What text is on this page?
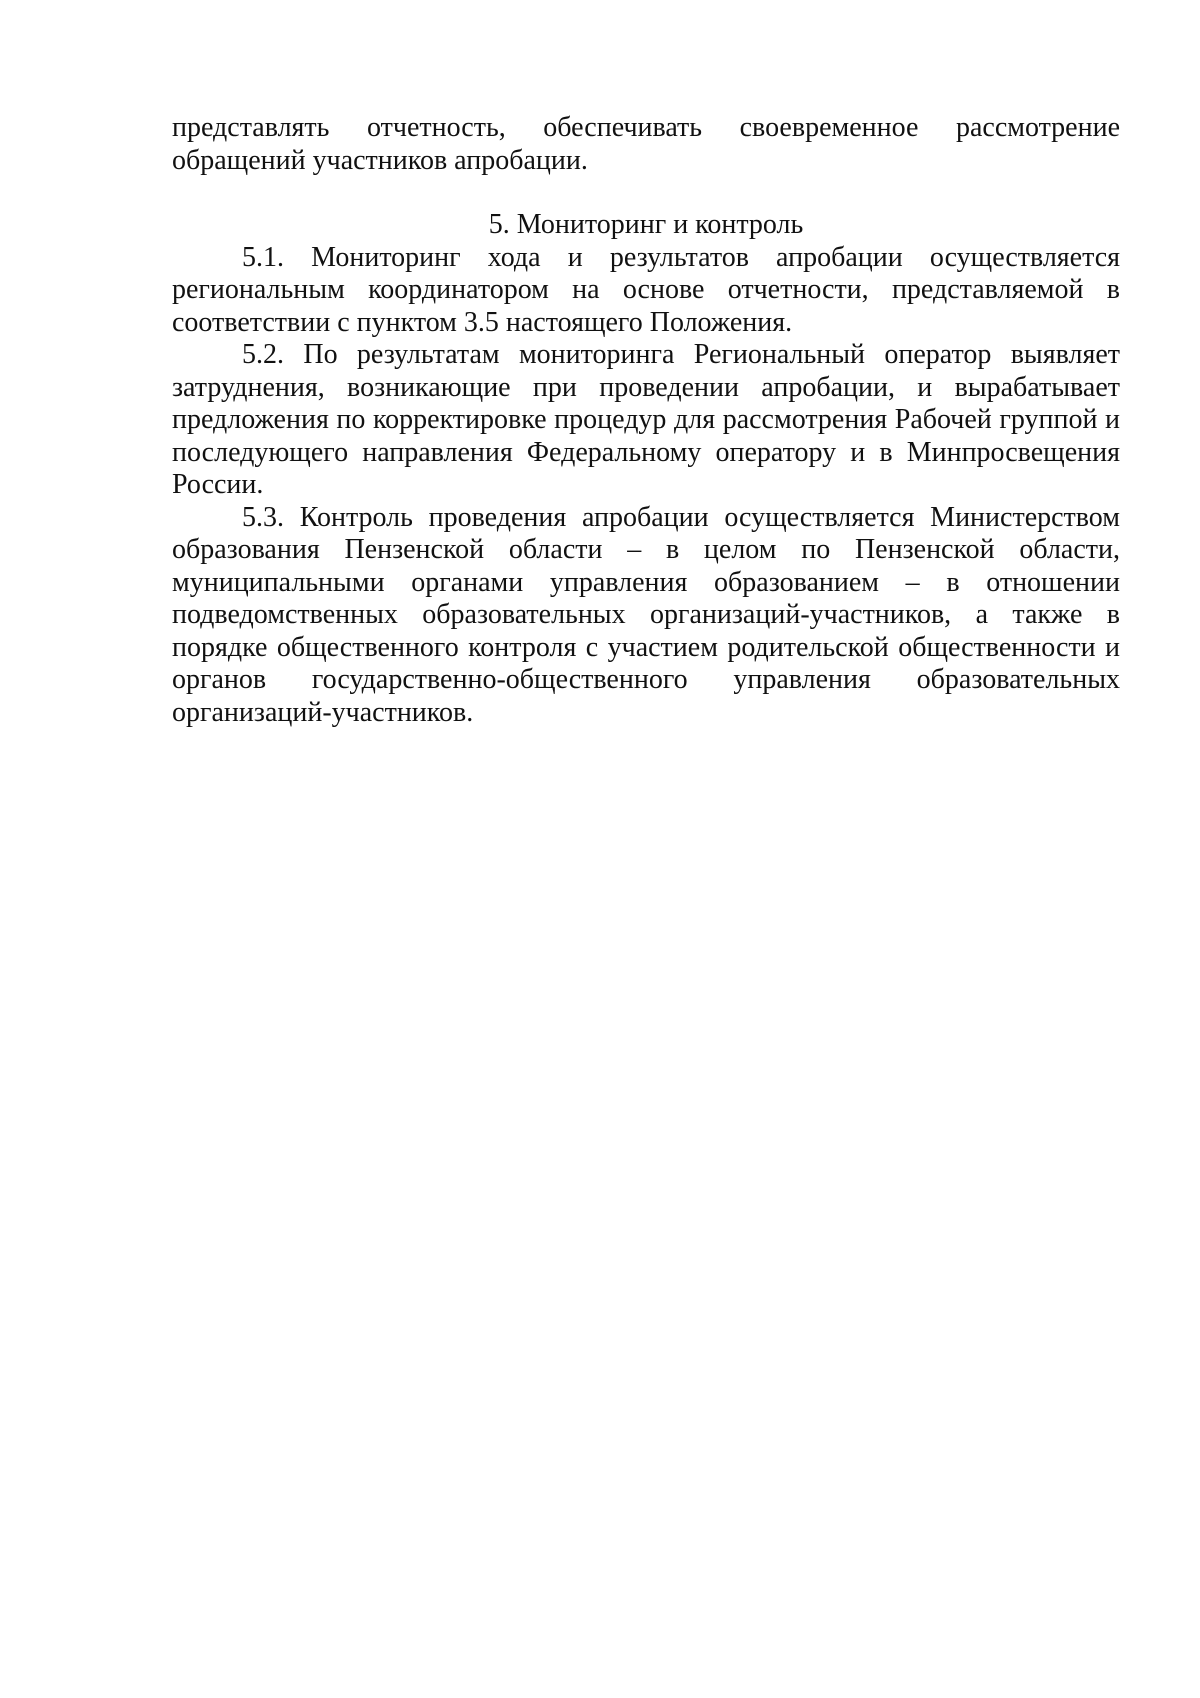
представлять отчетность, обеспечивать своевременное рассмотрение обращений участников апробации.

5. Мониторинг и контроль

5.1. Мониторинг хода и результатов апробации осуществляется региональным координатором на основе отчетности, представляемой в соответствии с пунктом 3.5 настоящего Положения.

5.2. По результатам мониторинга Региональный оператор выявляет затруднения, возникающие при проведении апробации, и вырабатывает предложения по корректировке процедур для рассмотрения Рабочей группой и последующего направления Федеральному оператору и в Минпросвещения России.

5.3. Контроль проведения апробации осуществляется Министерством образования Пензенской области – в целом по Пензенской области, муниципальными органами управления образованием – в отношении подведомственных образовательных организаций-участников, а также в порядке общественного контроля с участием родительской общественности и органов государственно-общественного управления образовательных организаций-участников.
